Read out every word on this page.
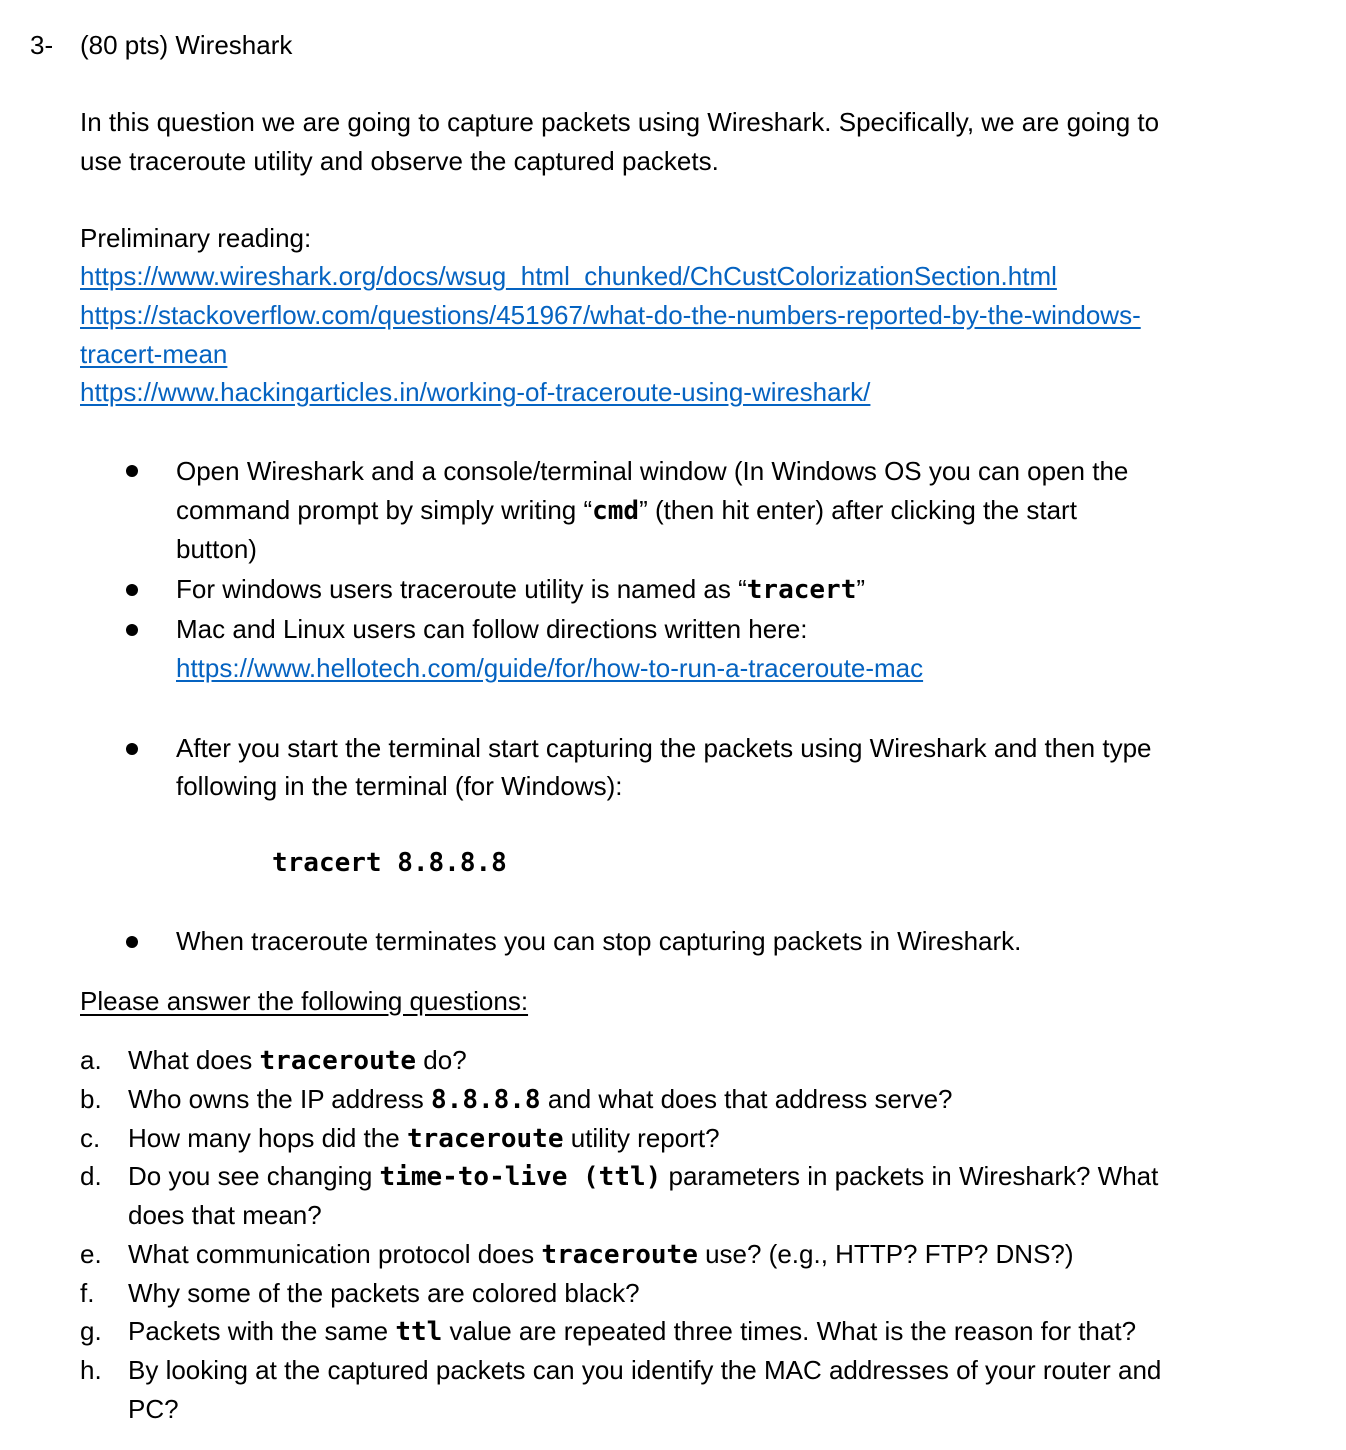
3- (80 pts) Wireshark
In this question we are going to capture packets using Wireshark. Specifically, we are going to
use traceroute utility and observe the captured packets.
Preliminary reading:
https://www.wireshark.org/docs/wsug_html_chunked/ChCustColorizationSection.html
https://stackoverflow.com/questions/451967/what-do-the-numbers-reported-by-the-windows-
tracert-mean
https://www.hackingarticles.in/working-of-traceroute-using-wireshark/
Open Wireshark and a console/terminal window (In Windows OS you can open the
command prompt by simply writing “cmd” (then hit enter) after clicking the start
button)
For windows users traceroute utility is named as “tracert”
Mac and Linux users can follow directions written here:
https://www.hellotech.com/guide/for/how-to-run-a-traceroute-mac
After you start the terminal start capturing the packets using Wireshark and then type
following in the terminal (for Windows):
tracert 8.8.8.8
When traceroute terminates you can stop capturing packets in Wireshark.
Please answer the following questions:
a. What does traceroute do?
b. Who owns the IP address 8.8.8.8 and what does that address serve?
c. How many hops did the traceroute utility report?
d. Do you see changing time-to-live (ttl) parameters in packets in Wireshark? What
does that mean?
e. What communication protocol does traceroute use? (e.g., HTTP? FTP? DNS?)
f. Why some of the packets are colored black?
g. Packets with the same ttl value are repeated three times. What is the reason for that?
h. By looking at the captured packets can you identify the MAC addresses of your router and
PC?
